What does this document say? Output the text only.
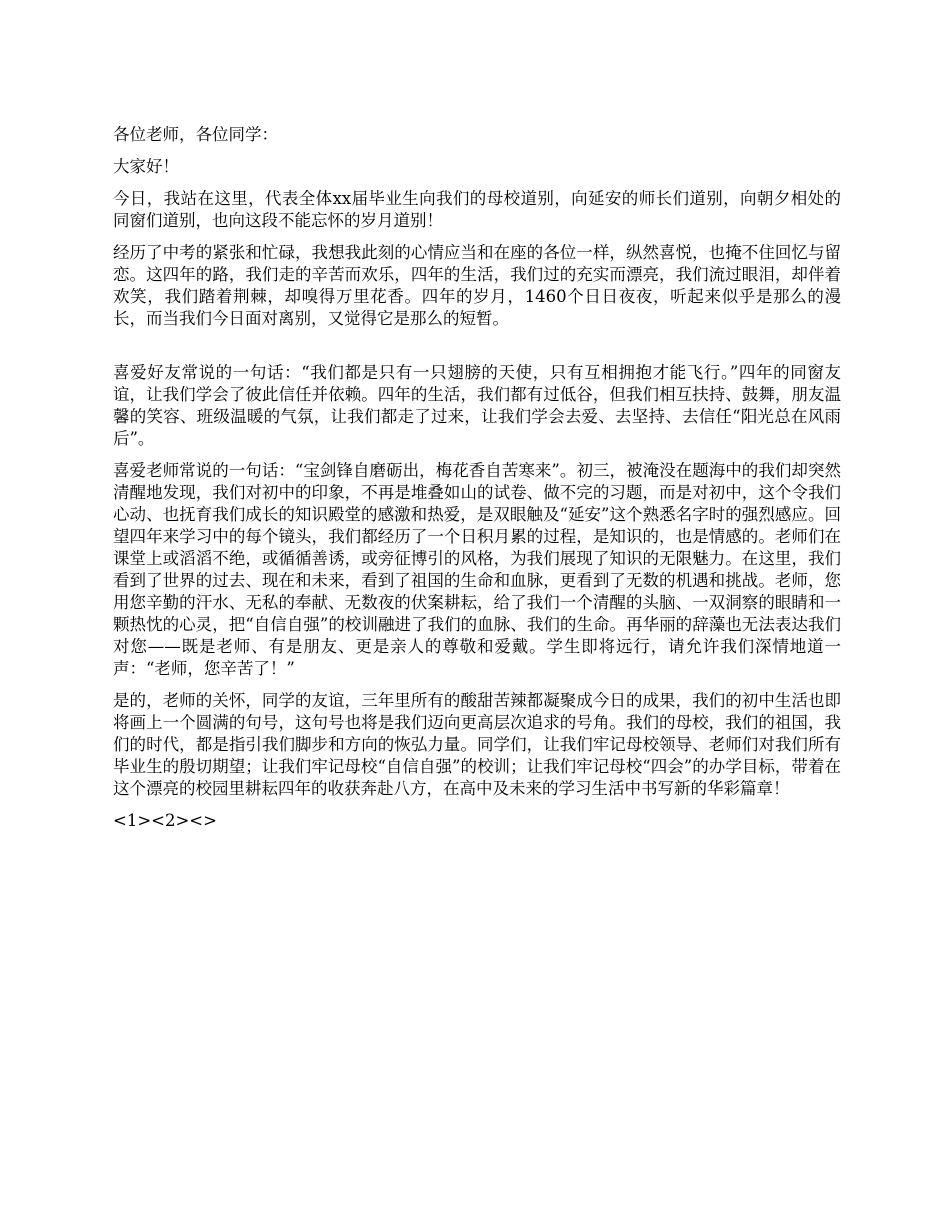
各位老师，各位同学：

大家好！

今日，我站在这里，代表全体xx届毕业生向我们的母校道别，向延安的师长们道别，向朝夕相处的同窗们道别，也向这段不能忘怀的岁月道别！

经历了中考的紧张和忙碌，我想我此刻的心情应当和在座的各位一样，纵然喜悦，也掩不住回忆与留恋。这四年的路，我们走的辛苦而欢乐，四年的生活，我们过的充实而漂亮，我们流过眼泪，却伴着欢笑，我们踏着荆棘，却嗅得万里花香。四年的岁月，1460个日日夜夜，听起来似乎是那么的漫长，而当我们今日面对离别，又觉得它是那么的短暂。

喜爱好友常说的一句话：“我们都是只有一只翅膀的天使，只有互相拥抱才能飞行。”四年的同窗友谊，让我们学会了彼此信任并依赖。四年的生活，我们都有过低谷，但我们相互扶持、鼓舞，朋友温馨的笑容、班级温暖的气氛，让我们都走了过来，让我们学会去爱、去坚持、去信任“阳光总在风雨后”。

喜爱老师常说的一句话：“宝剑锋自磨砺出，梅花香自苦寒来”。初三，被淹没在题海中的我们却突然清醒地发现，我们对初中的印象，不再是堆叠如山的试卷、做不完的习题，而是对初中，这个令我们心动、也抚育我们成长的知识殿堂的感激和热爱，是双眼触及“延安”这个熟悉名字时的强烈感应。回望四年来学习中的每个镜头，我们都经历了一个日积月累的过程，是知识的，也是情感的。老师们在课堂上或滔滔不绝，或循循善诱，或旁征博引的风格，为我们展现了知识的无限魅力。在这里，我们看到了世界的过去、现在和未来，看到了祖国的生命和血脉，更看到了无数的机遇和挑战。老师，您用您辛勤的汗水、无私的奉献、无数夜的伏案耕耘，给了我们一个清醒的头脑、一双洞察的眼睛和一颗热忱的心灵，把“自信自强”的校训融进了我们的血脉、我们的生命。再华丽的辞藻也无法表达我们对您——既是老师、有是朋友、更是亲人的尊敬和爱戴。学生即将远行，请允许我们深情地道一声：“老师，您辛苦了！”

是的，老师的关怀，同学的友谊，三年里所有的酸甜苦辣都凝聚成今日的成果，我们的初中生活也即将画上一个圆满的句号，这句号也将是我们迈向更高层次追求的号角。我们的母校，我们的祖国，我们的时代，都是指引我们脚步和方向的恢弘力量。同学们，让我们牢记母校领导、老师们对我们所有毕业生的殷切期望；让我们牢记母校“自信自强”的校训；让我们牢记母校“四会”的办学目标，带着在这个漂亮的校园里耕耘四年的收获奔赴八方，在高中及未来的学习生活中书写新的华彩篇章！

<1><2><>
